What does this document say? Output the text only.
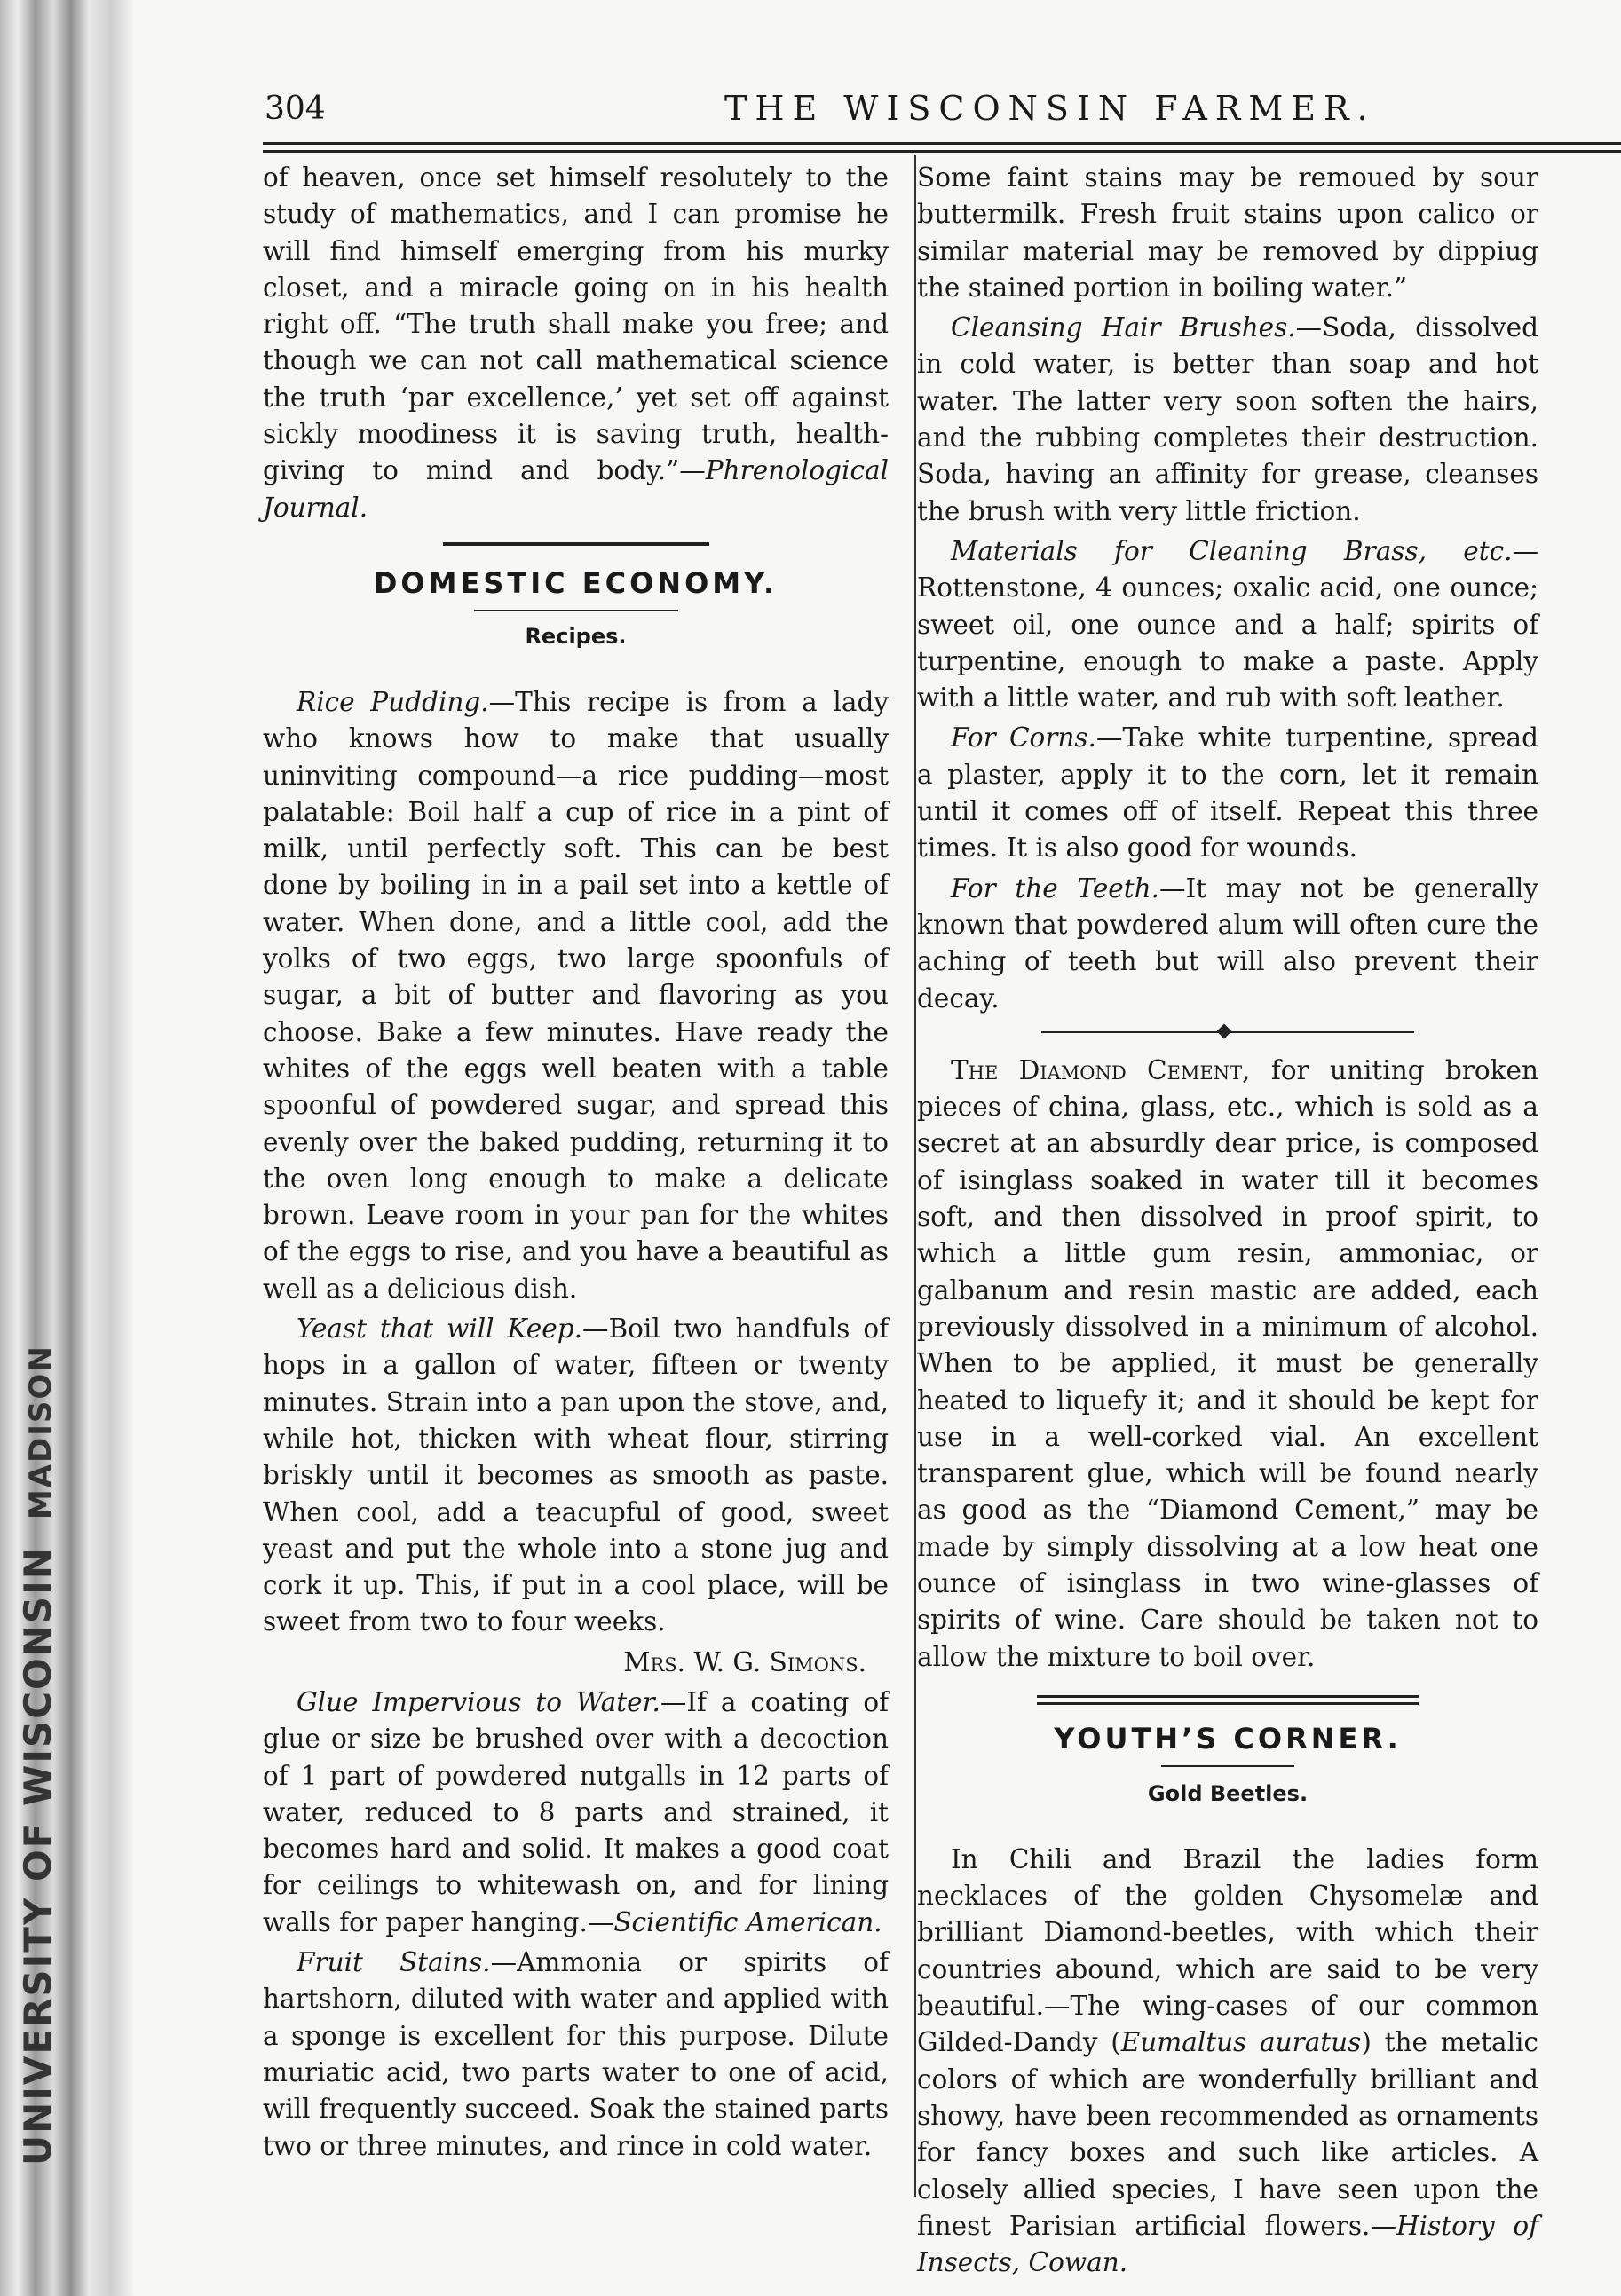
UNIVERSITY OF WISCONSINMADISON
304	THE WISCONSIN FARMER.

of heaven, once set himself resolutely to the study of mathematics, and I can promise he will find himself emerging from his murky closet, and a miracle going on in his health right off. “The truth shall make you free; and though we can not call mathematical science the truth ‘par excellence,’ yet set off against sickly moodiness it is saving truth, health-giving to mind and body.”—Phrenological Journal.

DOMESTIC ECONOMY.
Recipes.

Rice Pudding.—This recipe is from a lady who knows how to make that usually uninviting compound—a rice pudding—most palatable: Boil half a cup of rice in a pint of milk, until perfectly soft. This can be best done by boiling in in a pail set into a kettle of water. When done, and a little cool, add the yolks of two eggs, two large spoonfuls of sugar, a bit of butter and flavoring as you choose. Bake a few minutes. Have ready the whites of the eggs well beaten with a table spoonful of powdered sugar, and spread this evenly over the baked pudding, returning it to the oven long enough to make a delicate brown. Leave room in your pan for the whites of the eggs to rise, and you have a beautiful as well as a delicious dish.

Yeast that will Keep.—Boil two handfuls of hops in a gallon of water, fifteen or twenty minutes. Strain into a pan upon the stove, and, while hot, thicken with wheat flour, stirring briskly until it becomes as smooth as paste. When cool, add a teacupful of good, sweet yeast and put the whole into a stone jug and cork it up. This, if put in a cool place, will be sweet from two to four weeks.

Mrs. W. G. Simons.

Glue Impervious to Water.—If a coating of glue or size be brushed over with a decoction of 1 part of powdered nutgalls in 12 parts of water, reduced to 8 parts and strained, it becomes hard and solid. It makes a good coat for ceilings to whitewash on, and for lining walls for paper hanging.—Scientific American.

Fruit Stains.—Ammonia or spirits of hartshorn, diluted with water and applied with a sponge is excellent for this purpose. Dilute muriatic acid, two parts water to one of acid, will frequently succeed. Soak the stained parts two or three minutes, and rince in cold water.

Some faint stains may be remoued by sour buttermilk. Fresh fruit stains upon calico or similar material may be removed by dippiug the stained portion in boiling water.”

Cleansing Hair Brushes.—Soda, dissolved in cold water, is better than soap and hot water. The latter very soon soften the hairs, and the rubbing completes their destruction. Soda, having an affinity for grease, cleanses the brush with very little friction.

Materials for Cleaning Brass, etc.—Rottenstone, 4 ounces; oxalic acid, one ounce; sweet oil, one ounce and a half; spirits of turpentine, enough to make a paste. Apply with a little water, and rub with soft leather.

For Corns.—Take white turpentine, spread a plaster, apply it to the corn, let it remain until it comes off of itself. Repeat this three times. It is also good for wounds.

For the Teeth.—It may not be generally known that powdered alum will often cure the aching of teeth but will also prevent their decay.

The Diamond Cement, for uniting broken pieces of china, glass, etc., which is sold as a secret at an absurdly dear price, is composed of isinglass soaked in water till it becomes soft, and then dissolved in proof spirit, to which a little gum resin, ammoniac, or galbanum and resin mastic are added, each previously dissolved in a minimum of alcohol. When to be applied, it must be generally heated to liquefy it; and it should be kept for use in a well-corked vial. An excellent transparent glue, which will be found nearly as good as the “Diamond Cement,” may be made by simply dissolving at a low heat one ounce of isinglass in two wine-glasses of spirits of wine. Care should be taken not to allow the mixture to boil over.

YOUTH’S CORNER.
Gold Beetles.

In Chili and Brazil the ladies form necklaces of the golden Chysomelæ and brilliant Diamond-beetles, with which their countries abound, which are said to be very beautiful.—The wing-cases of our common Gilded-Dandy (Eumaltus auratus) the metalic colors of which are wonderfully brilliant and showy, have been recommended as ornaments for fancy boxes and such like articles. A closely allied species, I have seen upon the finest Parisian artificial flowers.—History of Insects, Cowan.
